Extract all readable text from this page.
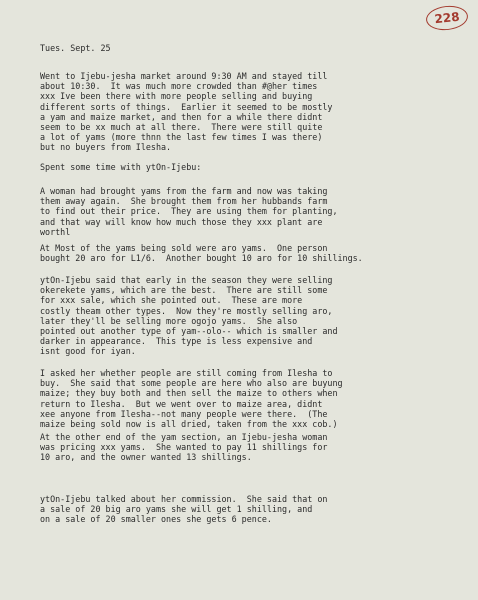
228
Tues. Sept. 25
Went to Ijebu-jesha market around 9:30 AM and stayed till
about 10:30.  It was much more crowded than #@her times
xxx Ive been there with more people selling and buying
different sorts of things.  Earlier it seemed to be mostly
a yam and maize market, and then for a while there didnt
seem to be xx much at all there.  There were still quite
a lot of yams (more thnn the last few times I was there)
but no buyers from Ilesha.
Spent some time with ytOn-Ijebu:
A woman had brought yams from the farm and now was taking
them away again.  She brought them from her hubbands farm
to find out their price.  They are using them for planting,
and that way will know how much those they xxx plant are
worthl
At Most of the yams being sold were aro yams.  One person
bought 20 aro for L1/6.  Another bought 10 aro for 10 shillings.
ytOn-Ijebu said that early in the season they were selling
okerekete yams, which are the best.  There are still some
for xxx sale, which she pointed out.  These are more
costly theam other types.  Now they're mostly selling aro,
later they'll be selling more ogojo yams.  She also
pointed out another type of yam--olo-- which is smaller and
darker in appearance.  This type is less expensive and
isnt good for iyan.
I asked her whether people are still coming from Ilesha to
buy.  She said that some people are here who also are buyung
maize; they buy both and then sell the maize to others when
return to Ilesha.  But we went over to maize area, didnt
xee anyone from Ilesha--not many people were there.  (The
maize being sold now is all dried, taken from the xxx cob.)
At the other end of the yam section, an Ijebu-jesha woman
was pricing xxx yams.  She wanted to pay 11 shillings for
10 aro, and the owner wanted 13 shillings.
ytOn-Ijebu talked about her commission.  She said that on
a sale of 20 big aro yams she will get 1 shilling, and
on a sale of 20 smaller ones she gets 6 pence.
